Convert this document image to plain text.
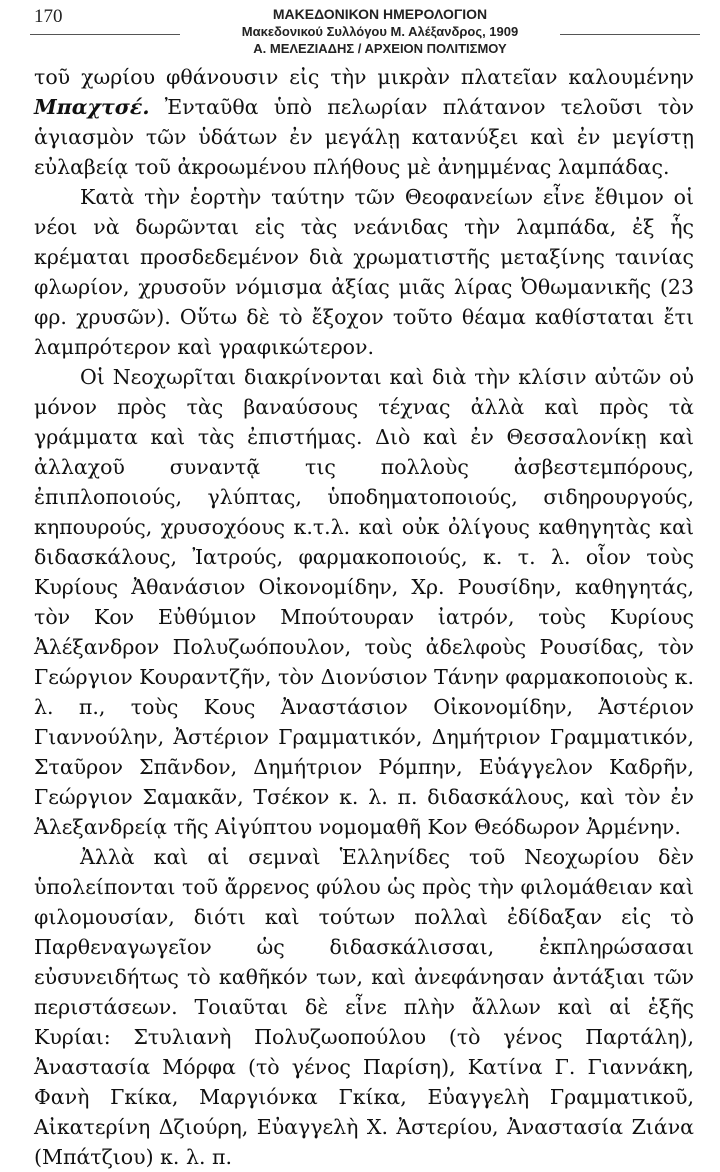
170	ΜΑΚΕΔΟΝΙΚΟΝ ΗΜΕΡΟΛΟΓΙΟΝ
Μακεδονικού Συλλόγου Μ. Αλέξανδρος, 1909
Α. ΜΕΛΕΖΙΑΔΗΣ / ΑΡΧΕΙΟΝ ΠΟΛΙΤΙΣΜΟΥ

τοῦ χωρίου φθάνουσιν εἰς τὴν μικρὰν πλατεῖαν καλουμένην Μπαχτσέ. Ἐνταῦθα ὑπὸ πελωρίαν πλάτανον τελοῦσι τὸν ἁγιασμὸν τῶν ὑδάτων ἐν μεγάλῃ κατανύξει καὶ ἐν μεγίστῃ εὐλαβείᾳ τοῦ ἀκροωμένου πλήθους μὲ ἀνημμένας λαμπάδας.

Κατὰ τὴν ἑορτὴν ταύτην τῶν Θεοφανείων εἶνε ἔθιμον οἱ νέοι νὰ δωρῶνται εἰς τὰς νεάνιδας τὴν λαμπάδα, ἐξ ἧς κρέμαται προσδεδεμένον διὰ χρωματιστῆς μεταξίνης ταινίας φλωρίον, χρυσοῦν νόμισμα ἀξίας μιᾶς λίρας Ὀθωμανικῆς (23 φρ. χρυσῶν). Οὕτω δὲ τὸ ἔξοχον τοῦτο θέαμα καθίσταται ἔτι λαμπρότερον καὶ γραφικώτερον.

Οἱ Νεοχωρῖται διακρίνονται καὶ διὰ τὴν κλίσιν αὐτῶν οὐ μόνον πρὸς τὰς βαναύσους τέχνας ἀλλὰ καὶ πρὸς τὰ γράμματα καὶ τὰς ἐπιστήμας. Διὸ καὶ ἐν Θεσσαλονίκῃ καὶ ἀλλαχοῦ συναντᾷ τις πολλοὺς ἀσβεστεμπόρους, ἐπιπλοποιούς, γλύπτας, ὑποδηματοποιούς, σιδηρουργούς, κηπουρούς, χρυσοχόους κ.τ.λ. καὶ οὐκ ὀλίγους καθηγητὰς καὶ διδασκάλους, Ἰατρούς, φαρμακοποιούς, κ. τ. λ. οἷον τοὺς Κυρίους Ἀθανάσιον Οἰκονομίδην, Χρ. Ρουσίδην, καθηγητάς, τὸν Κον Εὐθύμιον Μπούτουραν ἰατρόν, τοὺς Κυρίους Ἀλέξανδρον Πολυζωόπουλον, τοὺς ἀδελφοὺς Ρουσίδας, τὸν Γεώργιον Κουραντζῆν, τὸν Διονύσιον Τάνην φαρμακοποιοὺς κ. λ. π., τοὺς Κους Ἀναστάσιον Οἰκονομίδην, Ἀστέριον Γιαννούλην, Ἀστέριον Γραμματικόν, Δημήτριον Γραμματικόν, Σταῦρον Σπᾶνδον, Δημήτριον Ρόμπην, Εὐάγγελον Καδρῆν, Γεώργιον Σαμακᾶν, Τσέκον κ. λ. π. διδασκάλους, καὶ τὸν ἐν Ἀλεξανδρείᾳ τῆς Αἰγύπτου νομομαθῆ Κον Θεόδωρον Ἀρμένην.

Ἀλλὰ καὶ αἱ σεμναὶ Ἑλληνίδες τοῦ Νεοχωρίου δὲν ὑπολείπονται τοῦ ἄρρενος φύλου ὡς πρὸς τὴν φιλομάθειαν καὶ φιλομουσίαν, διότι καὶ τούτων πολλαὶ ἐδίδαξαν εἰς τὸ Παρθεναγωγεῖον ὡς διδασκάλισσαι, ἐκπληρώσασαι εὐσυνειδήτως τὸ καθῆκόν των, καὶ ἀνεφάνησαν ἀντάξιαι τῶν περιστάσεων. Τοιαῦται δὲ εἶνε πλὴν ἄλλων καὶ αἱ ἑξῆς Κυρίαι: Στυλιανὴ Πολυζωοπούλου (τὸ γένος Παρτάλη), Ἀναστασία Μόρφα (τὸ γένος Παρίση), Κατίνα Γ. Γιαννάκη, Φανὴ Γκίκα, Μαργιόνκα Γκίκα, Εὐαγγελὴ Γραμματικοῦ, Αἰκατερίνη Δζιούρη, Εὐαγγελὴ Χ. Ἀστερίου, Ἀναστασία Ζιάνα (Μπάτζιου) κ. λ. π.
